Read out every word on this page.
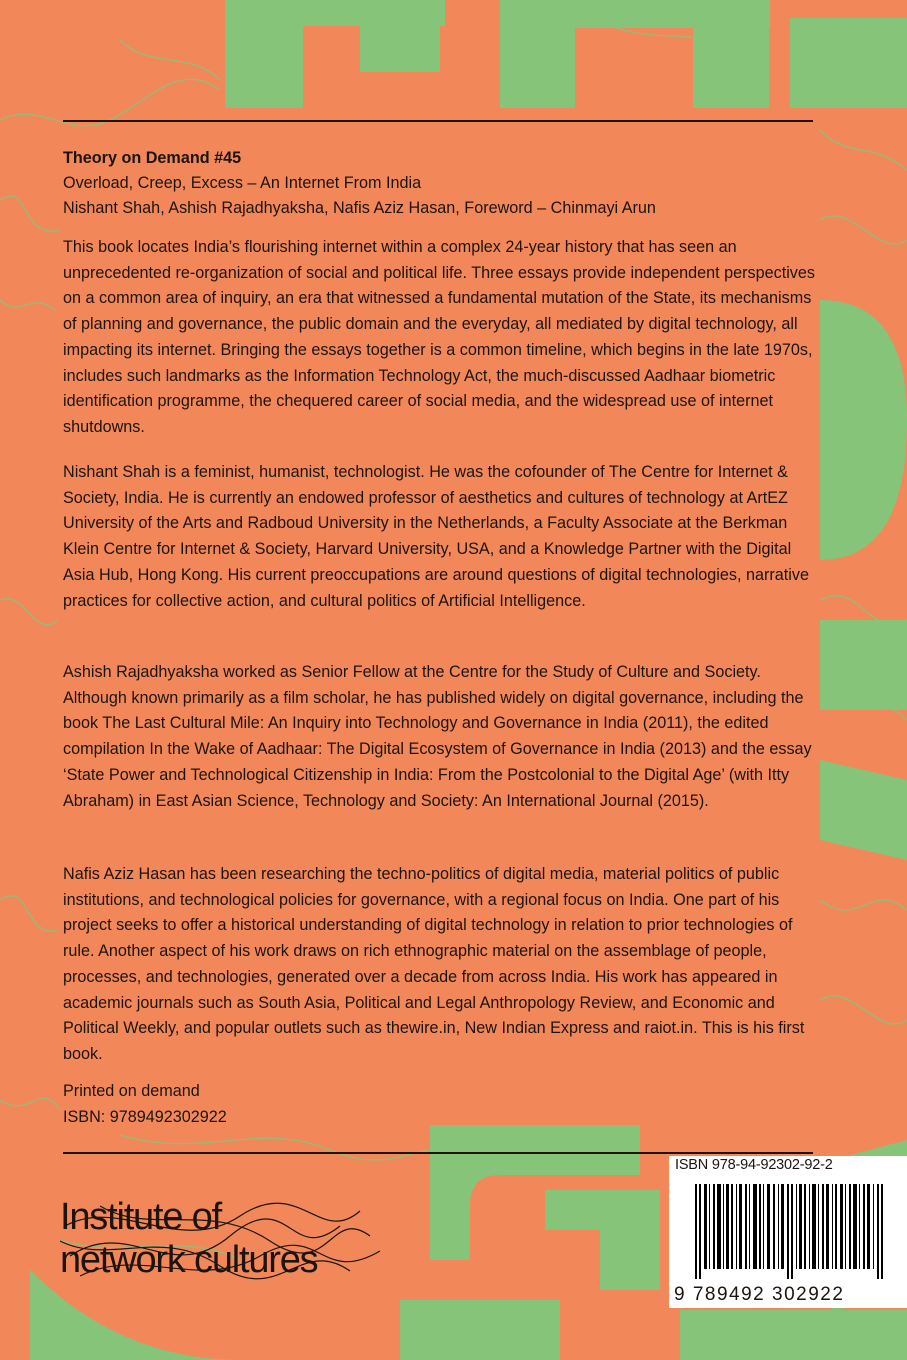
Theory on Demand #45
Overload, Creep, Excess – An Internet From India
Nishant Shah, Ashish Rajadhyaksha, Nafis Aziz Hasan, Foreword – Chinmayi Arun

This book locates India’s flourishing internet within a complex 24-year history that has seen an unprecedented re-organization of social and political life. Three essays provide independent perspectives on a common area of inquiry, an era that witnessed a fundamental mutation of the State, its mechanisms of planning and governance, the public domain and the everyday, all mediated by digital technology, all impacting its internet. Bringing the essays together is a common timeline, which begins in the late 1970s, includes such landmarks as the Information Technology Act, the much-discussed Aadhaar biometric identification programme, the chequered career of social media, and the widespread use of internet shutdowns.

Nishant Shah is a feminist, humanist, technologist. He was the cofounder of The Centre for Internet & Society, India. He is currently an endowed professor of aesthetics and cultures of technology at ArtEZ University of the Arts and Radboud University in the Netherlands, a Faculty Associate at the Berkman Klein Centre for Internet & Society, Harvard University, USA, and a Knowledge Partner with the Digital Asia Hub, Hong Kong. His current preoccupations are around questions of digital technologies, narrative practices for collective action, and cultural politics of Artificial Intelligence.

Ashish Rajadhyaksha worked as Senior Fellow at the Centre for the Study of Culture and Society. Although known primarily as a film scholar, he has published widely on digital governance, including the book The Last Cultural Mile: An Inquiry into Technology and Governance in India (2011), the edited compilation In the Wake of Aadhaar: The Digital Ecosystem of Governance in India (2013) and the essay ‘State Power and Technological Citizenship in India: From the Postcolonial to the Digital Age’ (with Itty Abraham) in East Asian Science, Technology and Society: An International Journal (2015).

Nafis Aziz Hasan has been researching the techno-politics of digital media, material politics of public institutions, and technological policies for governance, with a regional focus on India. One part of his project seeks to offer a historical understanding of digital technology in relation to prior technologies of rule. Another aspect of his work draws on rich ethnographic material on the assemblage of people, processes, and technologies, generated over a decade from across India. His work has appeared in academic journals such as South Asia, Political and Legal Anthropology Review, and Economic and Political Weekly, and popular outlets such as thewire.in, New Indian Express and raiot.in. This is his first book.

Printed on demand
ISBN: 9789492302922
Institute of
network cultures
ISBN 978-94-92302-92-2
9 789492 302922
